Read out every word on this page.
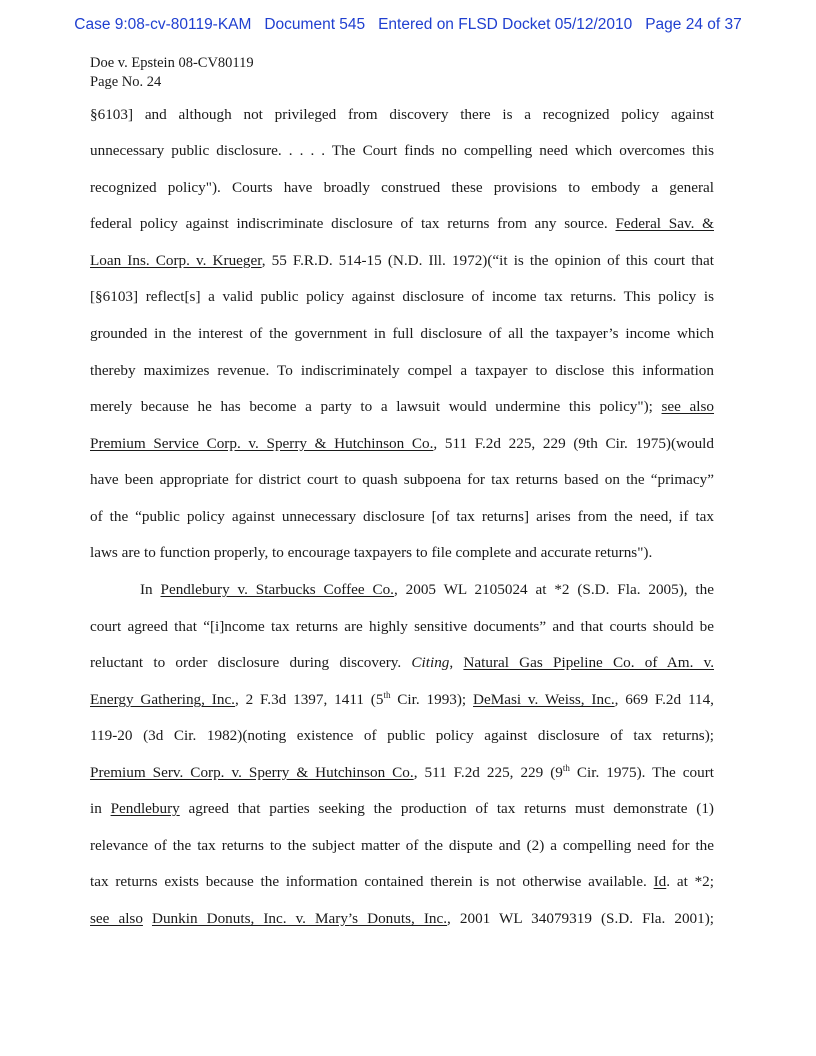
Case 9:08-cv-80119-KAM Document 545 Entered on FLSD Docket 05/12/2010 Page 24 of 37
Doe v. Epstein 08-CV80119
Page No. 24
§6103] and although not privileged from discovery there is a recognized policy against
unnecessary public disclosure. . . . . The Court finds no compelling need which overcomes this
recognized policy"). Courts have broadly construed these provisions to embody a general
federal policy against indiscriminate disclosure of tax returns from any source. Federal Sav. &
Loan Ins. Corp. v. Krueger, 55 F.R.D. 514-15 (N.D. Ill. 1972)(“it is the opinion of this court that
[§6103] reflect[s] a valid public policy against disclosure of income tax returns. This policy is
grounded in the interest of the government in full disclosure of all the taxpayer’s income which
thereby maximizes revenue. To indiscriminately compel a taxpayer to disclose this information
merely because he has become a party to a lawsuit would undermine this policy"); see also
Premium Service Corp. v. Sperry & Hutchinson Co., 511 F.2d 225, 229 (9th Cir. 1975)(would
have been appropriate for district court to quash subpoena for tax returns based on the “primacy”
of the “public policy against unnecessary disclosure [of tax returns] arises from the need, if tax
laws are to function properly, to encourage taxpayers to file complete and accurate returns").
In Pendlebury v. Starbucks Coffee Co., 2005 WL 2105024 at *2 (S.D. Fla. 2005), the
court agreed that “[i]ncome tax returns are highly sensitive documents” and that courts should be
reluctant to order disclosure during discovery. Citing, Natural Gas Pipeline Co. of Am. v.
Energy Gathering, Inc., 2 F.3d 1397, 1411 (5th Cir. 1993); DeMasi v. Weiss, Inc., 669 F.2d 114,
119-20 (3d Cir. 1982)(noting existence of public policy against disclosure of tax returns);
Premium Serv. Corp. v. Sperry & Hutchinson Co., 511 F.2d 225, 229 (9th Cir. 1975). The court
in Pendlebury agreed that parties seeking the production of tax returns must demonstrate (1)
relevance of the tax returns to the subject matter of the dispute and (2) a compelling need for the
tax returns exists because the information contained therein is not otherwise available. Id. at *2;
see also Dunkin Donuts, Inc. v. Mary’s Donuts, Inc., 2001 WL 34079319 (S.D. Fla. 2001);
